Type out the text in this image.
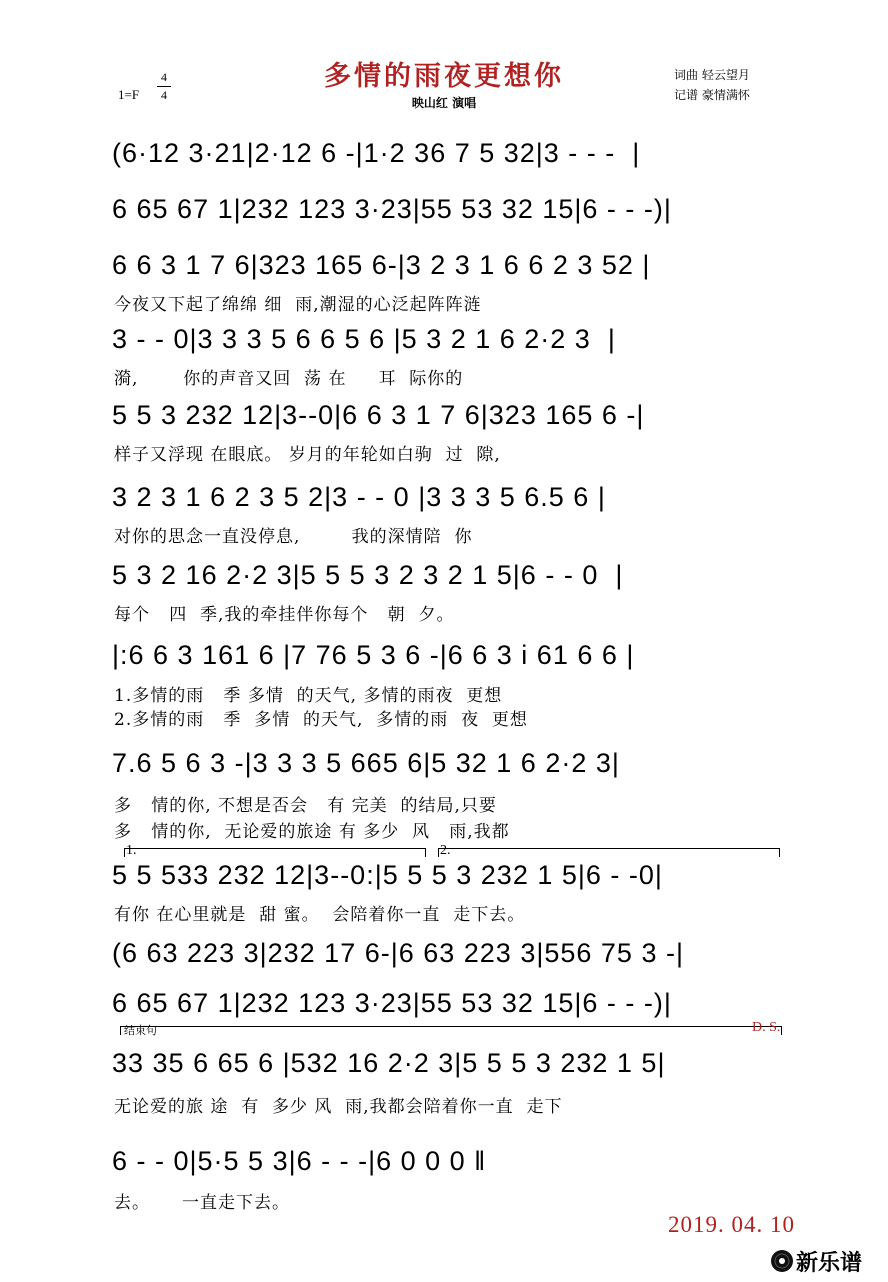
多情的雨夜更想你
1=F
4
4
映山红 演唱
词曲 轻云望月
记谱 豪情满怀
(6·12 3·21|2·12 6 -|1·2 36 7 5 32|3 - - -  |
6 65 67 1|232 123 3·23|55 53 32 15|6 - - -)|
6 6 3 1 7 6|323 165 6-|3 2 3 1 6 6 2 3 52 |
今夜又下起了绵绵 细  雨,潮湿的心泛起阵阵涟
3 - - 0|3 3 3 5 6 6 5 6 |5 3 2 1 6 2·2 3  |
漪,       你的声音又回  荡 在     耳  际你的
5 5 3 232 12|3--0|6 6 3 1 7 6|323 165 6 -|
样子又浮现 在眼底。 岁月的年轮如白驹  过  隙,
3 2 3 1 6 2 3 5 2|3 - - 0 |3 3 3 5 6.5 6 |
对你的思念一直没停息,        我的深情陪  你
5 3 2 16 2·2 3|5 5 5 3 2 3 2 1 5|6 - - 0  |
每个   四  季,我的牵挂伴你每个   朝  夕。
|:6 6 3 161 6 |7 76 5 3 6 -|6 6 3 i 61 6 6 |
1.多情的雨   季 多情  的天气, 多情的雨夜  更想
2.多情的雨   季  多情  的天气,  多情的雨  夜  更想
7.6 5 6 3 -|3 3 3 5 665 6|5 32 1 6 2·2 3|
多   情的你, 不想是否会   有 完美  的结局,只要
多   情的你,  无论爱的旅途 有 多少  风   雨,我都
1.	2.
5 5 533 232 12|3--0:|5 5 5 3 232 1 5|6 - -0|
有你 在心里就是  甜 蜜。  会陪着你一直  走下去。
(6 63 223 3|232 17 6-|6 63 223 3|556 75 3 -|
6 65 67 1|232 123 3·23|55 53 32 15|6 - - -)|
结束句	D. S.
33 35 6 65 6 |532 16 2·2 3|5 5 5 3 232 1 5|
无论爱的旅 途  有  多少 风  雨,我都会陪着你一直  走下
6 - - 0|5·5 5 3|6 - - -|6 0 0 0 ‖
去。     一直走下去。
2019. 04. 10
新乐谱
